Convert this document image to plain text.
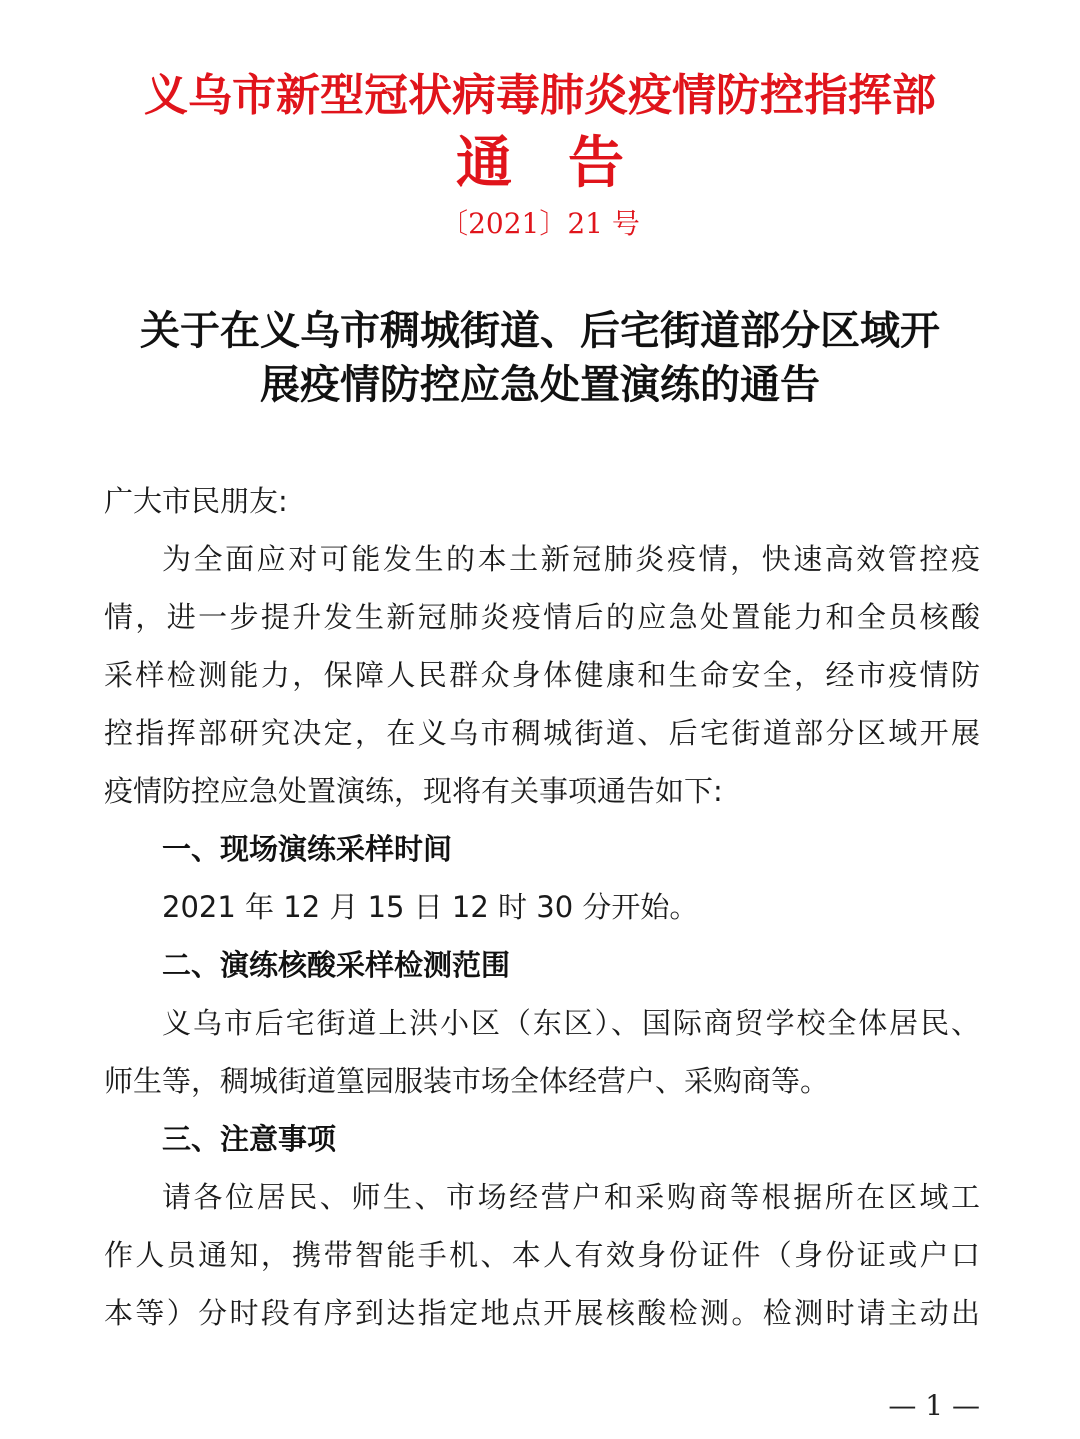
义乌市新型冠状病毒肺炎疫情防控指挥部
通　告
〔2021〕21 号
关于在义乌市稠城街道、后宅街道部分区域开
展疫情防控应急处置演练的通告
广大市民朋友:
为全面应对可能发生的本土新冠肺炎疫情，快速高效管控疫
情，进一步提升发生新冠肺炎疫情后的应急处置能力和全员核酸
采样检测能力，保障人民群众身体健康和生命安全，经市疫情防
控指挥部研究决定，在义乌市稠城街道、后宅街道部分区域开展
疫情防控应急处置演练，现将有关事项通告如下:
一、现场演练采样时间
2021 年 12 月 15 日 12 时 30 分开始。
二、演练核酸采样检测范围
义乌市后宅街道上洪小区（东区）、国际商贸学校全体居民、
师生等，稠城街道篁园服装市场全体经营户、采购商等。
三、注意事项
请各位居民、师生、市场经营户和采购商等根据所在区域工
作人员通知，携带智能手机、本人有效身份证件（身份证或户口
本等）分时段有序到达指定地点开展核酸检测。检测时请主动出
— 1 —
